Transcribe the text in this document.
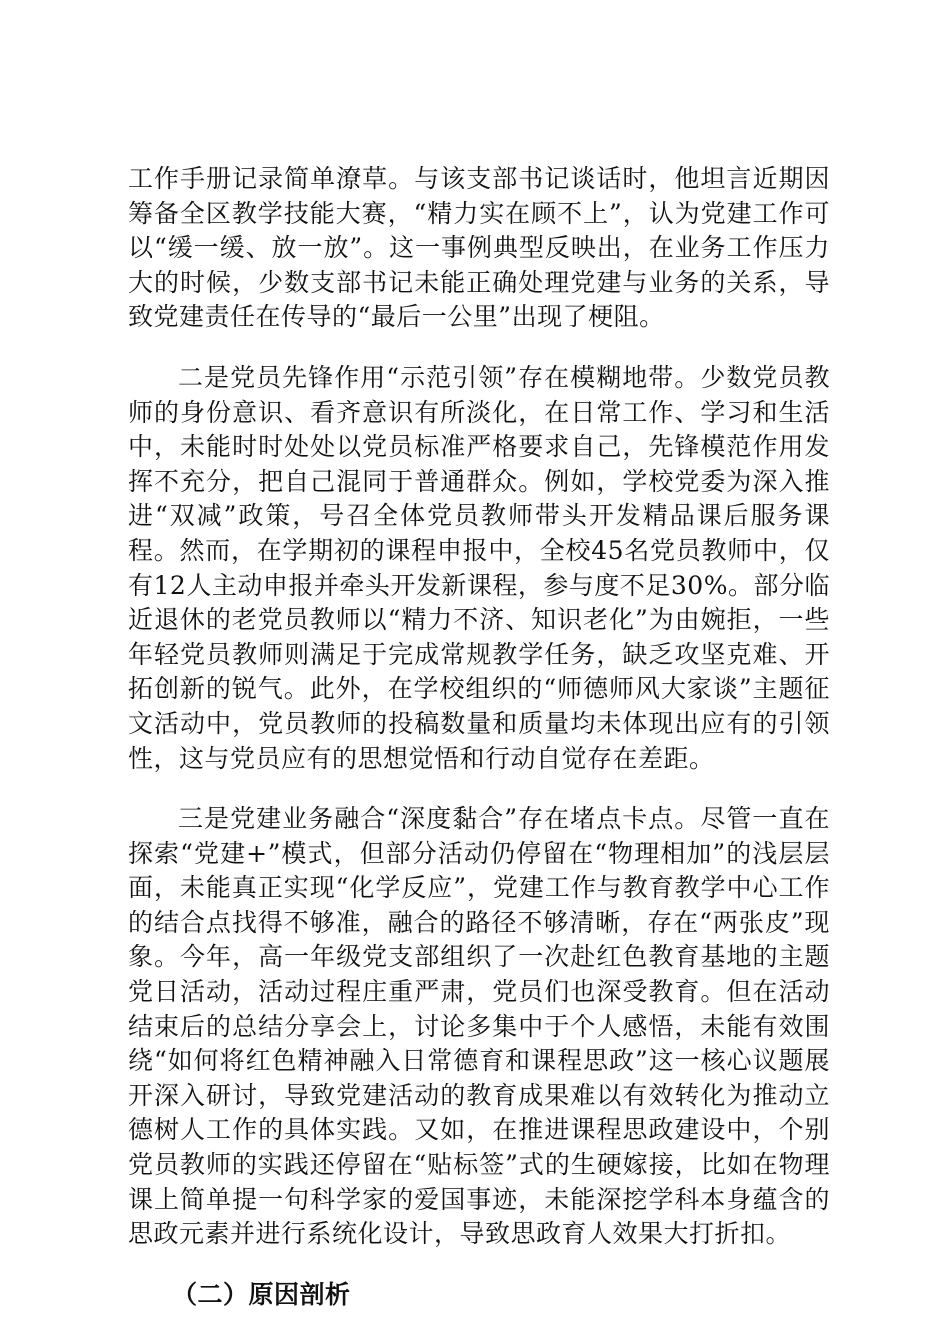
工作手册记录简单潦草。与该支部书记谈话时，他坦言近期因筹备全区教学技能大赛，“精力实在顾不上”，认为党建工作可以“缓一缓、放一放”。这一事例典型反映出，在业务工作压力大的时候，少数支部书记未能正确处理党建与业务的关系，导致党建责任在传导的“最后一公里”出现了梗阻。

二是党员先锋作用“示范引领”存在模糊地带。少数党员教师的身份意识、看齐意识有所淡化，在日常工作、学习和生活中，未能时时处处以党员标准严格要求自己，先锋模范作用发挥不充分，把自己混同于普通群众。例如，学校党委为深入推进“双减”政策，号召全体党员教师带头开发精品课后服务课程。然而，在学期初的课程申报中，全校45名党员教师中，仅有12人主动申报并牵头开发新课程，参与度不足30%。部分临近退休的老党员教师以“精力不济、知识老化”为由婉拒，一些年轻党员教师则满足于完成常规教学任务，缺乏攻坚克难、开拓创新的锐气。此外，在学校组织的“师德师风大家谈”主题征文活动中，党员教师的投稿数量和质量均未体现出应有的引领性，这与党员应有的思想觉悟和行动自觉存在差距。

三是党建业务融合“深度黏合”存在堵点卡点。尽管一直在探索“党建+”模式，但部分活动仍停留在“物理相加”的浅层层面，未能真正实现“化学反应”，党建工作与教育教学中心工作的结合点找得不够准，融合的路径不够清晰，存在“两张皮”现象。今年，高一年级党支部组织了一次赴红色教育基地的主题党日活动，活动过程庄重严肃，党员们也深受教育。但在活动结束后的总结分享会上，讨论多集中于个人感悟，未能有效围绕“如何将红色精神融入日常德育和课程思政”这一核心议题展开深入研讨，导致党建活动的教育成果难以有效转化为推动立德树人工作的具体实践。又如，在推进课程思政建设中，个别党员教师的实践还停留在“贴标签”式的生硬嫁接，比如在物理课上简单提一句科学家的爱国事迹，未能深挖学科本身蕴含的思政元素并进行系统化设计，导致思政育人效果大打折扣。

（二）原因剖析
